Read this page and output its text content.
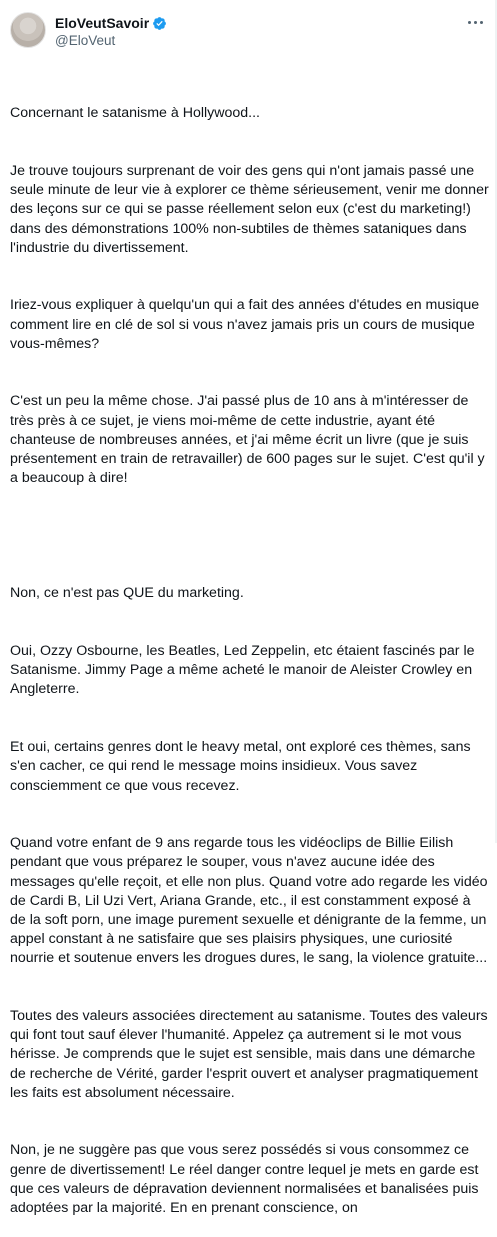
EloVeutSavoir
@EloVeut

Concernant le satanisme à Hollywood...

Je trouve toujours surprenant de voir des gens qui n'ont jamais passé une seule minute de leur vie à explorer ce thème sérieusement, venir me donner des leçons sur ce qui se passe réellement selon eux (c'est du marketing!) dans des démonstrations 100% non-subtiles de thèmes sataniques dans l'industrie du divertissement.

Iriez-vous expliquer à quelqu'un qui a fait des années d'études en musique comment lire en clé de sol si vous n'avez jamais pris un cours de musique vous-mêmes?

C'est un peu la même chose. J'ai passé plus de 10 ans à m'intéresser de très près à ce sujet, je viens moi-même de cette industrie, ayant été chanteuse de nombreuses années, et j'ai même écrit un livre (que je suis présentement en train de retravailler) de 600 pages sur le sujet. C'est qu'il y a beaucoup à dire!

Non, ce n'est pas QUE du marketing.

Oui, Ozzy Osbourne, les Beatles, Led Zeppelin, etc étaient fascinés par le Satanisme. Jimmy Page a même acheté le manoir de Aleister Crowley en Angleterre.

Et oui, certains genres dont le heavy metal, ont exploré ces thèmes, sans s'en cacher, ce qui rend le message moins insidieux. Vous savez consciemment ce que vous recevez.

Quand votre enfant de 9 ans regarde tous les vidéoclips de Billie Eilish pendant que vous préparez le souper, vous n'avez aucune idée des messages qu'elle reçoit, et elle non plus. Quand votre ado regarde les vidéo de Cardi B, Lil Uzi Vert, Ariana Grande, etc., il est constamment exposé à de la soft porn, une image purement sexuelle et dénigrante de la femme, un appel constant à ne satisfaire que ses plaisirs physiques, une curiosité nourrie et soutenue envers les drogues dures, le sang, la violence gratuite...

Toutes des valeurs associées directement au satanisme. Toutes des valeurs qui font tout sauf élever l'humanité. Appelez ça autrement si le mot vous hérisse. Je comprends que le sujet est sensible, mais dans une démarche de recherche de Vérité, garder l'esprit ouvert et analyser pragmatiquement les faits est absolument nécessaire.

Non, je ne suggère pas que vous serez possédés si vous consommez ce genre de divertissement! Le réel danger contre lequel je mets en garde est que ces valeurs de dépravation deviennent normalisées et banalisées puis adoptées par la majorité. En en prenant conscience, on
